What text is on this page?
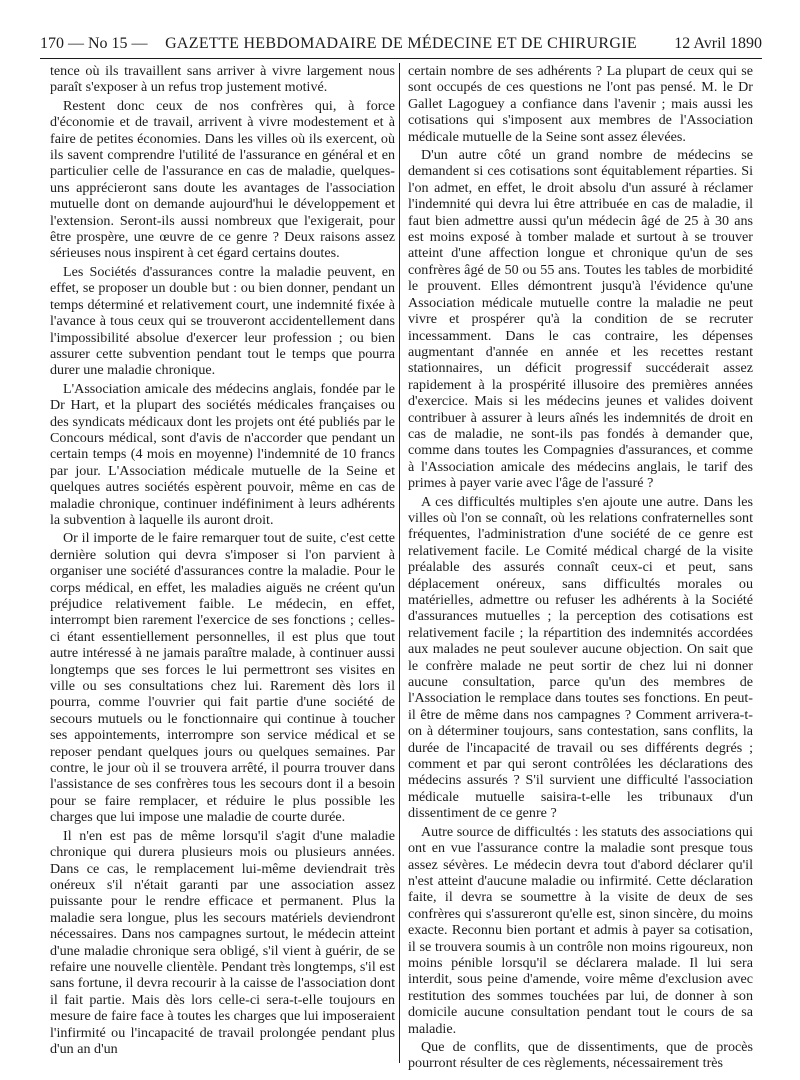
170 — No 15 —	GAZETTE HEBDOMADAIRE DE MÉDECINE ET DE CHIRURGIE	12 Avril 1890

tence où ils travaillent sans arriver à vivre largement nous paraît s'exposer à un refus trop justement motivé.

Restent donc ceux de nos confrères qui, à force d'économie et de travail, arrivent à vivre modestement et à faire de petites économies. Dans les villes où ils exercent, où ils savent comprendre l'utilité de l'assurance en général et en particulier celle de l'assurance en cas de maladie, quelques-uns apprécieront sans doute les avantages de l'association mutuelle dont on demande aujourd'hui le développement et l'extension. Seront-ils aussi nombreux que l'exigerait, pour être prospère, une œuvre de ce genre ? Deux raisons assez sérieuses nous inspirent à cet égard certains doutes.

Les Sociétés d'assurances contre la maladie peuvent, en effet, se proposer un double but : ou bien donner, pendant un temps déterminé et relativement court, une indemnité fixée à l'avance à tous ceux qui se trouveront accidentellement dans l'impossibilité absolue d'exercer leur profession ; ou bien assurer cette subvention pendant tout le temps que pourra durer une maladie chronique.

L'Association amicale des médecins anglais, fondée par le Dr Hart, et la plupart des sociétés médicales françaises ou des syndicats médicaux dont les projets ont été publiés par le Concours médical, sont d'avis de n'accorder que pendant un certain temps (4 mois en moyenne) l'indemnité de 10 francs par jour. L'Association médicale mutuelle de la Seine et quelques autres sociétés espèrent pouvoir, même en cas de maladie chronique, continuer indéfiniment à leurs adhérents la subvention à laquelle ils auront droit.

Or il importe de le faire remarquer tout de suite, c'est cette dernière solution qui devra s'imposer si l'on parvient à organiser une société d'assurances contre la maladie. Pour le corps médical, en effet, les maladies aiguës ne créent qu'un préjudice relativement faible. Le médecin, en effet, interrompt bien rarement l'exercice de ses fonctions ; celles-ci étant essentiellement personnelles, il est plus que tout autre intéressé à ne jamais paraître malade, à continuer aussi longtemps que ses forces le lui permettront ses visites en ville ou ses consultations chez lui. Rarement dès lors il pourra, comme l'ouvrier qui fait partie d'une société de secours mutuels ou le fonctionnaire qui continue à toucher ses appointements, interrompre son service médical et se reposer pendant quelques jours ou quelques semaines. Par contre, le jour où il se trouvera arrêté, il pourra trouver dans l'assistance de ses confrères tous les secours dont il a besoin pour se faire remplacer, et réduire le plus possible les charges que lui impose une maladie de courte durée.

Il n'en est pas de même lorsqu'il s'agit d'une maladie chronique qui durera plusieurs mois ou plusieurs années. Dans ce cas, le remplacement lui-même deviendrait très onéreux s'il n'était garanti par une association assez puissante pour le rendre efficace et permanent. Plus la maladie sera longue, plus les secours matériels deviendront nécessaires. Dans nos campagnes surtout, le médecin atteint d'une maladie chronique sera obligé, s'il vient à guérir, de se refaire une nouvelle clientèle. Pendant très longtemps, s'il est sans fortune, il devra recourir à la caisse de l'association dont il fait partie. Mais dès lors celle-ci sera-t-elle toujours en mesure de faire face à toutes les charges que lui imposeraient l'infirmité ou l'incapacité de travail prolongée pendant plus d'un an d'un

certain nombre de ses adhérents ? La plupart de ceux qui se sont occupés de ces questions ne l'ont pas pensé. M. le Dr Gallet Lagoguey a confiance dans l'avenir ; mais aussi les cotisations qui s'imposent aux membres de l'Association médicale mutuelle de la Seine sont assez élevées.

D'un autre côté un grand nombre de médecins se demandent si ces cotisations sont équitablement réparties. Si l'on admet, en effet, le droit absolu d'un assuré à réclamer l'indemnité qui devra lui être attribuée en cas de maladie, il faut bien admettre aussi qu'un médecin âgé de 25 à 30 ans est moins exposé à tomber malade et surtout à se trouver atteint d'une affection longue et chronique qu'un de ses confrères âgé de 50 ou 55 ans. Toutes les tables de morbidité le prouvent. Elles démontrent jusqu'à l'évidence qu'une Association médicale mutuelle contre la maladie ne peut vivre et prospérer qu'à la condition de se recruter incessamment. Dans le cas contraire, les dépenses augmentant d'année en année et les recettes restant stationnaires, un déficit progressif succéderait assez rapidement à la prospérité illusoire des premières années d'exercice. Mais si les médecins jeunes et valides doivent contribuer à assurer à leurs aînés les indemnités de droit en cas de maladie, ne sont-ils pas fondés à demander que, comme dans toutes les Compagnies d'assurances, et comme à l'Association amicale des médecins anglais, le tarif des primes à payer varie avec l'âge de l'assuré ?

A ces difficultés multiples s'en ajoute une autre. Dans les villes où l'on se connaît, où les relations confraternelles sont fréquentes, l'administration d'une société de ce genre est relativement facile. Le Comité médical chargé de la visite préalable des assurés connaît ceux-ci et peut, sans déplacement onéreux, sans difficultés morales ou matérielles, admettre ou refuser les adhérents à la Société d'assurances mutuelles ; la perception des cotisations est relativement facile ; la répartition des indemnités accordées aux malades ne peut soulever aucune objection. On sait que le confrère malade ne peut sortir de chez lui ni donner aucune consultation, parce qu'un des membres de l'Association le remplace dans toutes ses fonctions. En peut-il être de même dans nos campagnes ? Comment arrivera-t-on à déterminer toujours, sans contestation, sans conflits, la durée de l'incapacité de travail ou ses différents degrés ; comment et par qui seront contrôlées les déclarations des médecins assurés ? S'il survient une difficulté l'association médicale mutuelle saisira-t-elle les tribunaux d'un dissentiment de ce genre ?

Autre source de difficultés : les statuts des associations qui ont en vue l'assurance contre la maladie sont presque tous assez sévères. Le médecin devra tout d'abord déclarer qu'il n'est atteint d'aucune maladie ou infirmité. Cette déclaration faite, il devra se soumettre à la visite de deux de ses confrères qui s'assureront qu'elle est, sinon sincère, du moins exacte. Reconnu bien portant et admis à payer sa cotisation, il se trouvera soumis à un contrôle non moins rigoureux, non moins pénible lorsqu'il se déclarera malade. Il lui sera interdit, sous peine d'amende, voire même d'exclusion avec restitution des sommes touchées par lui, de donner à son domicile aucune consultation pendant tout le cours de sa maladie.

Que de conflits, que de dissentiments, que de procès pourront résulter de ces règlements, nécessairement très
